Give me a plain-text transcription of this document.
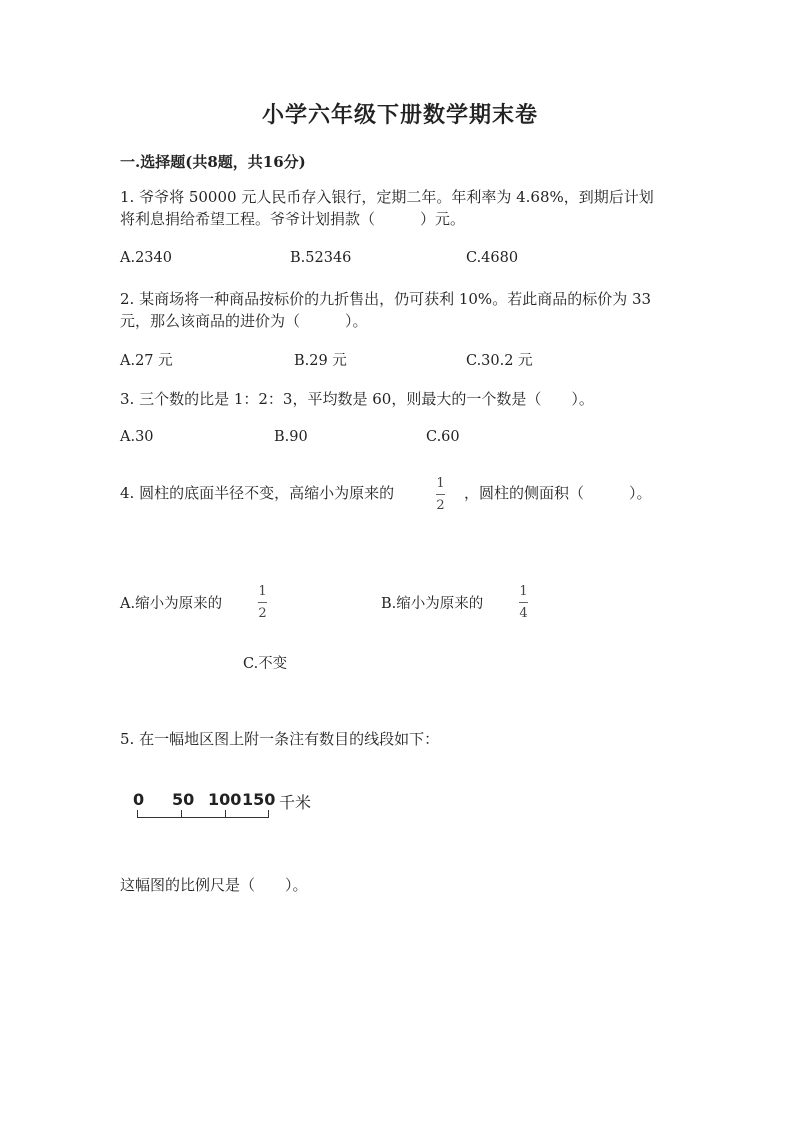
小学六年级下册数学期末卷
一.选择题(共8题，共16分)
1. 爷爷将 50000 元人民币存入银行，定期二年。年利率为 4.68%，到期后计划
将利息捐给希望工程。爷爷计划捐款（　　　）元。
A.2340	B.52346	C.4680
2. 某商场将一种商品按标价的九折售出，仍可获利 10%。若此商品的标价为 33
元，那么该商品的进价为（　　　）。
A.27 元	B.29 元	C.30.2 元
3. 三个数的比是 1：2：3，平均数是 60，则最大的一个数是（　　）。
A.30	B.90	C.60
4. 圆柱的底面半径不变，高缩小为原来的
1
2
，圆柱的侧面积（　　　）。
A.缩小为原来的
1
2
B.缩小为原来的
1
4
C.不变
5. 在一幅地区图上附一条注有数目的线段如下：
0 50 100 150 千米
这幅图的比例尺是（　　）。
